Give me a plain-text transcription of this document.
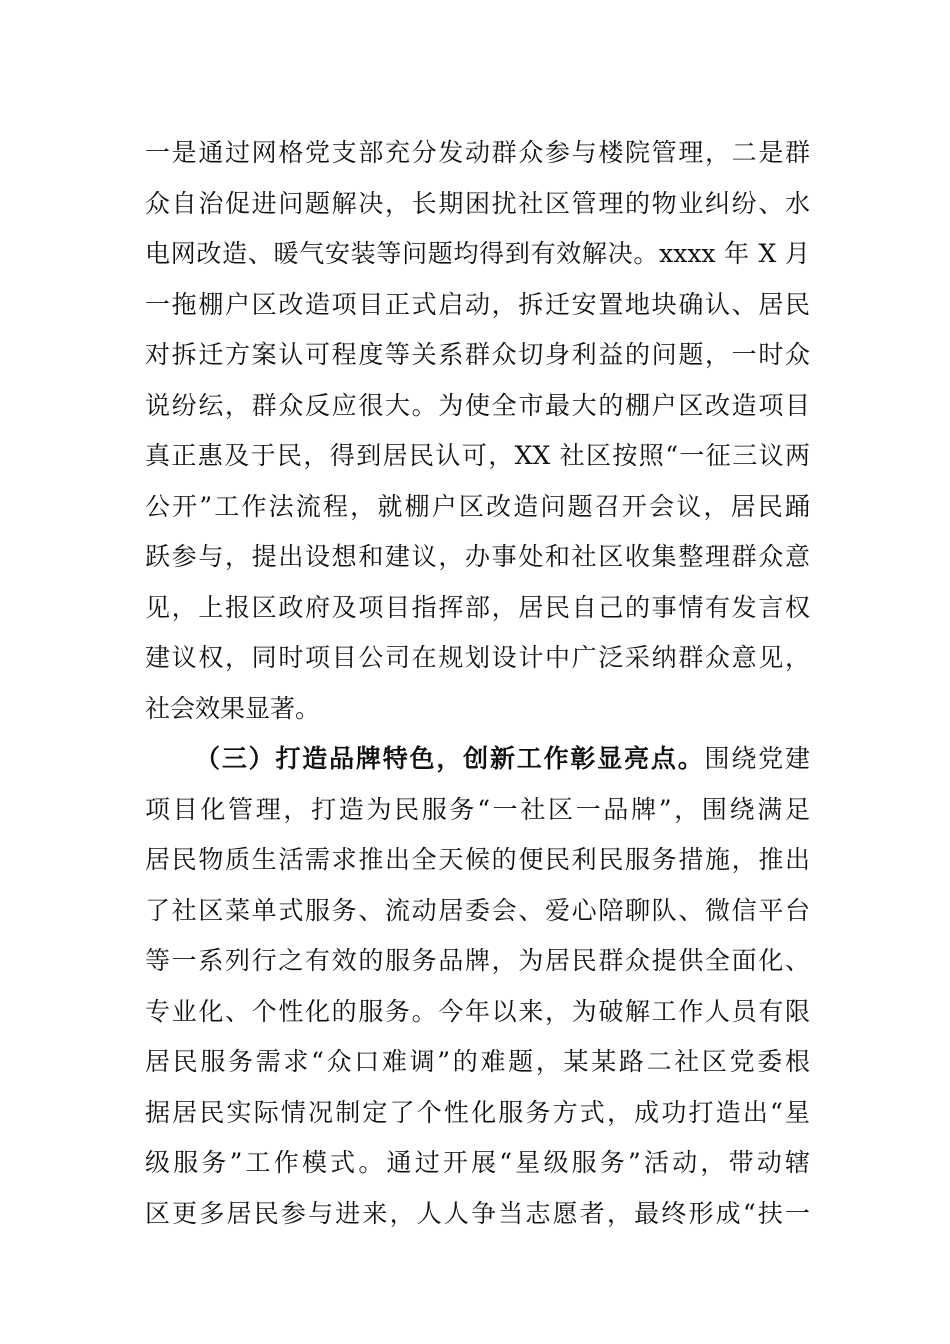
一是通过网格党支部充分发动群众参与楼院管理，二是群
众自治促进问题解决，长期困扰社区管理的物业纠纷、水
电网改造、暖气安装等问题均得到有效解决。xxxx 年 X 月
一拖棚户区改造项目正式启动，拆迁安置地块确认、居民
对拆迁方案认可程度等关系群众切身利益的问题，一时众
说纷纭，群众反应很大。为使全市最大的棚户区改造项目
真正惠及于民，得到居民认可，XX 社区按照“一征三议两
公开”工作法流程，就棚户区改造问题召开会议，居民踊
跃参与，提出设想和建议，办事处和社区收集整理群众意
见，上报区政府及项目指挥部，居民自己的事情有发言权
建议权，同时项目公司在规划设计中广泛采纳群众意见，
社会效果显著。
（三）打造品牌特色，创新工作彰显亮点。围绕党建
项目化管理，打造为民服务“一社区一品牌”，围绕满足
居民物质生活需求推出全天候的便民利民服务措施，推出
了社区菜单式服务、流动居委会、爱心陪聊队、微信平台
等一系列行之有效的服务品牌，为居民群众提供全面化、
专业化、个性化的服务。今年以来，为破解工作人员有限
居民服务需求“众口难调”的难题，某某路二社区党委根
据居民实际情况制定了个性化服务方式，成功打造出“星
级服务”工作模式。通过开展“星级服务”活动，带动辖
区更多居民参与进来，人人争当志愿者，最终形成“扶一
